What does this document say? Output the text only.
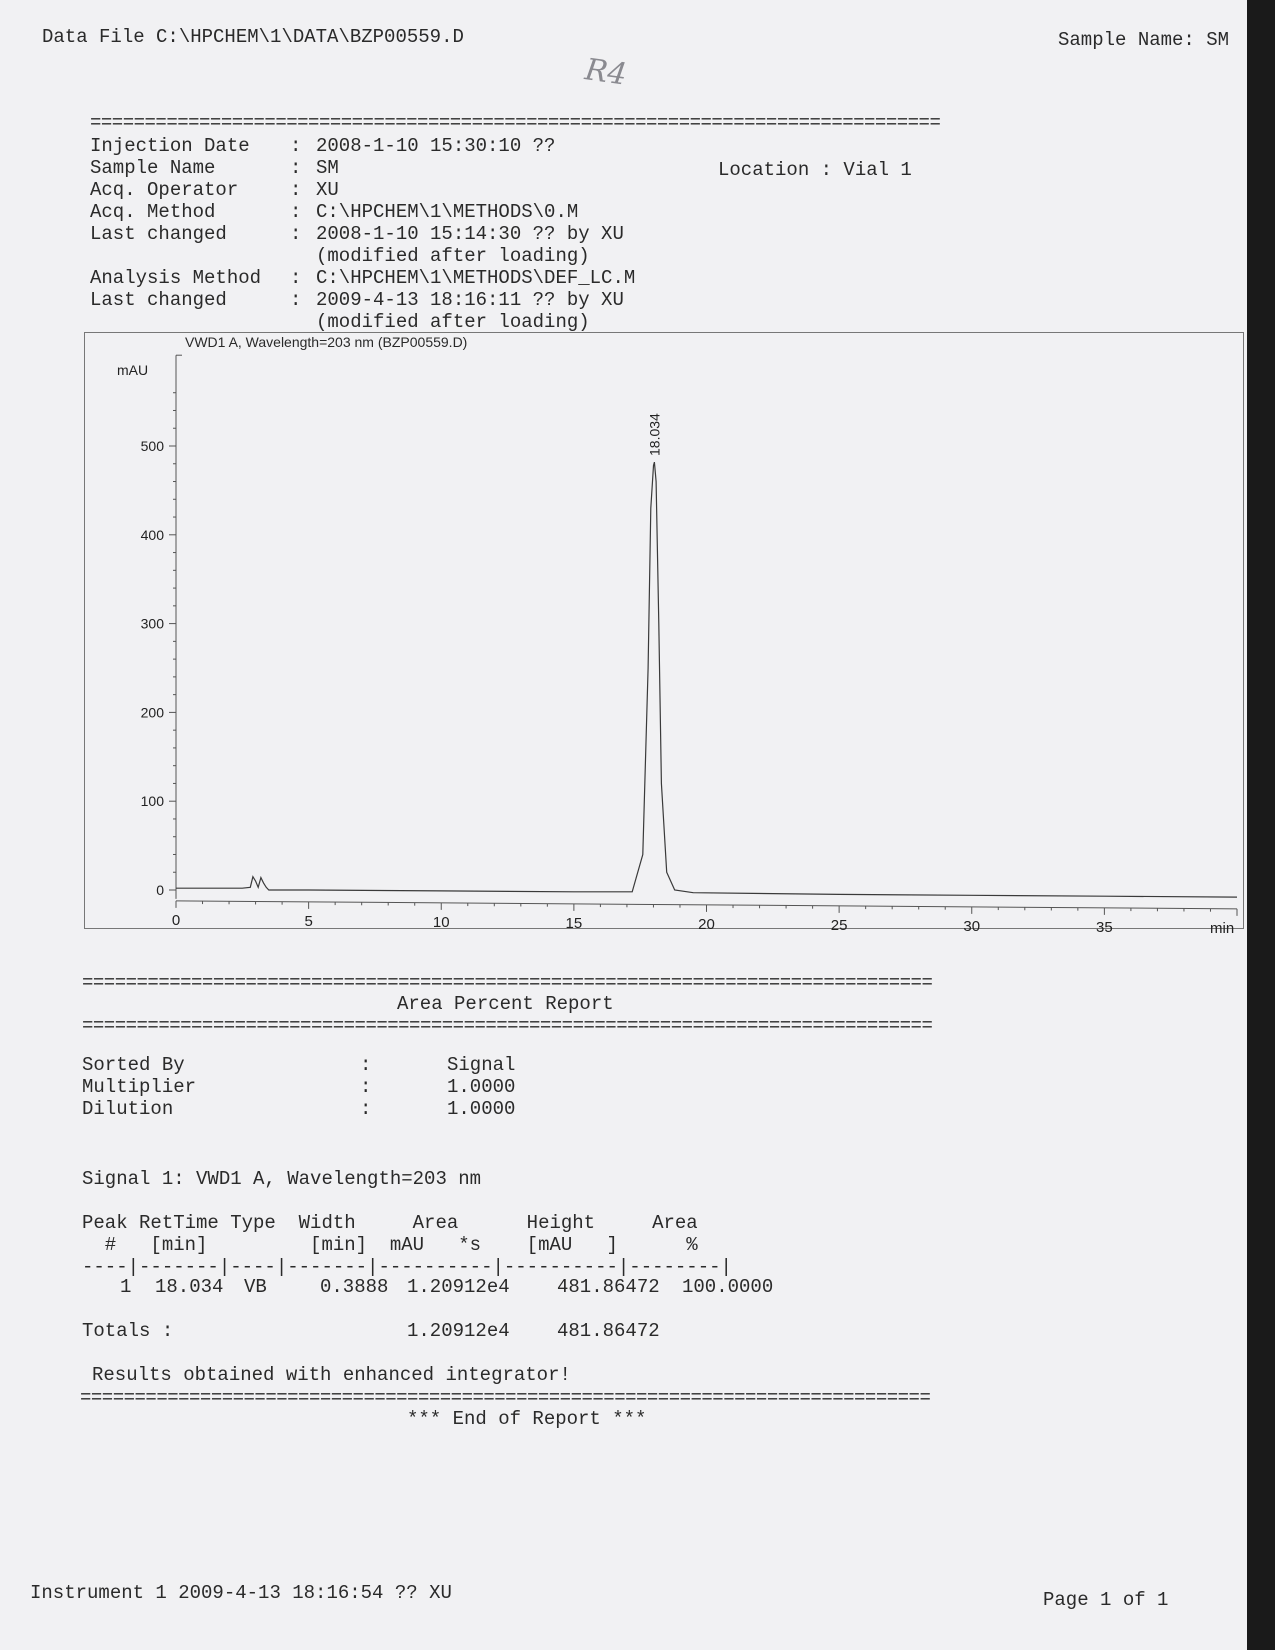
Data File C:\HPCHEM\1\DATA\BZP00559.D	Sample Name: SM
R4
==============================================================================
Injection Date : 2008-1-10 15:30:10 ??
Sample Name	: SM
Acq. Operator	: XU
Acq. Method	: C:\HPCHEM\1\METHODS\0.M
Last changed	: 2008-1-10 15:14:30 ?? by XU
(modified after loading)
Analysis Method : C:\HPCHEM\1\METHODS\DEF_LC.M
Last changed	: 2009-4-13 18:16:11 ?? by XU
(modified after loading)
Location : Vial 1
VWD1 A, Wavelength=203 nm (BZP00559.D)
mAU
min
0
100
200
300
400
500
0	5	10	15	20	25	30	35
18.034
==============================================================================
Area Percent Report
==============================================================================
Sorted By	:	Signal
Multiplier	:	1.0000
Dilution	:	1.0000
Signal 1: VWD1 A, Wavelength=203 nm
Peak RetTime Type  Width     Area      Height     Area
#   [min]         [min]  mAU   *s    [mAU   ]      %
----|-------|----|-------|----------|----------|--------|
1 18.034 VB	0.3888 1.20912e4 481.86472 100.0000
Totals :	1.20912e4 481.86472
Results obtained with enhanced integrator!
==============================================================================
*** End of Report ***
Instrument 1 2009-4-13 18:16:54 ?? XU	Page 1 of 1
